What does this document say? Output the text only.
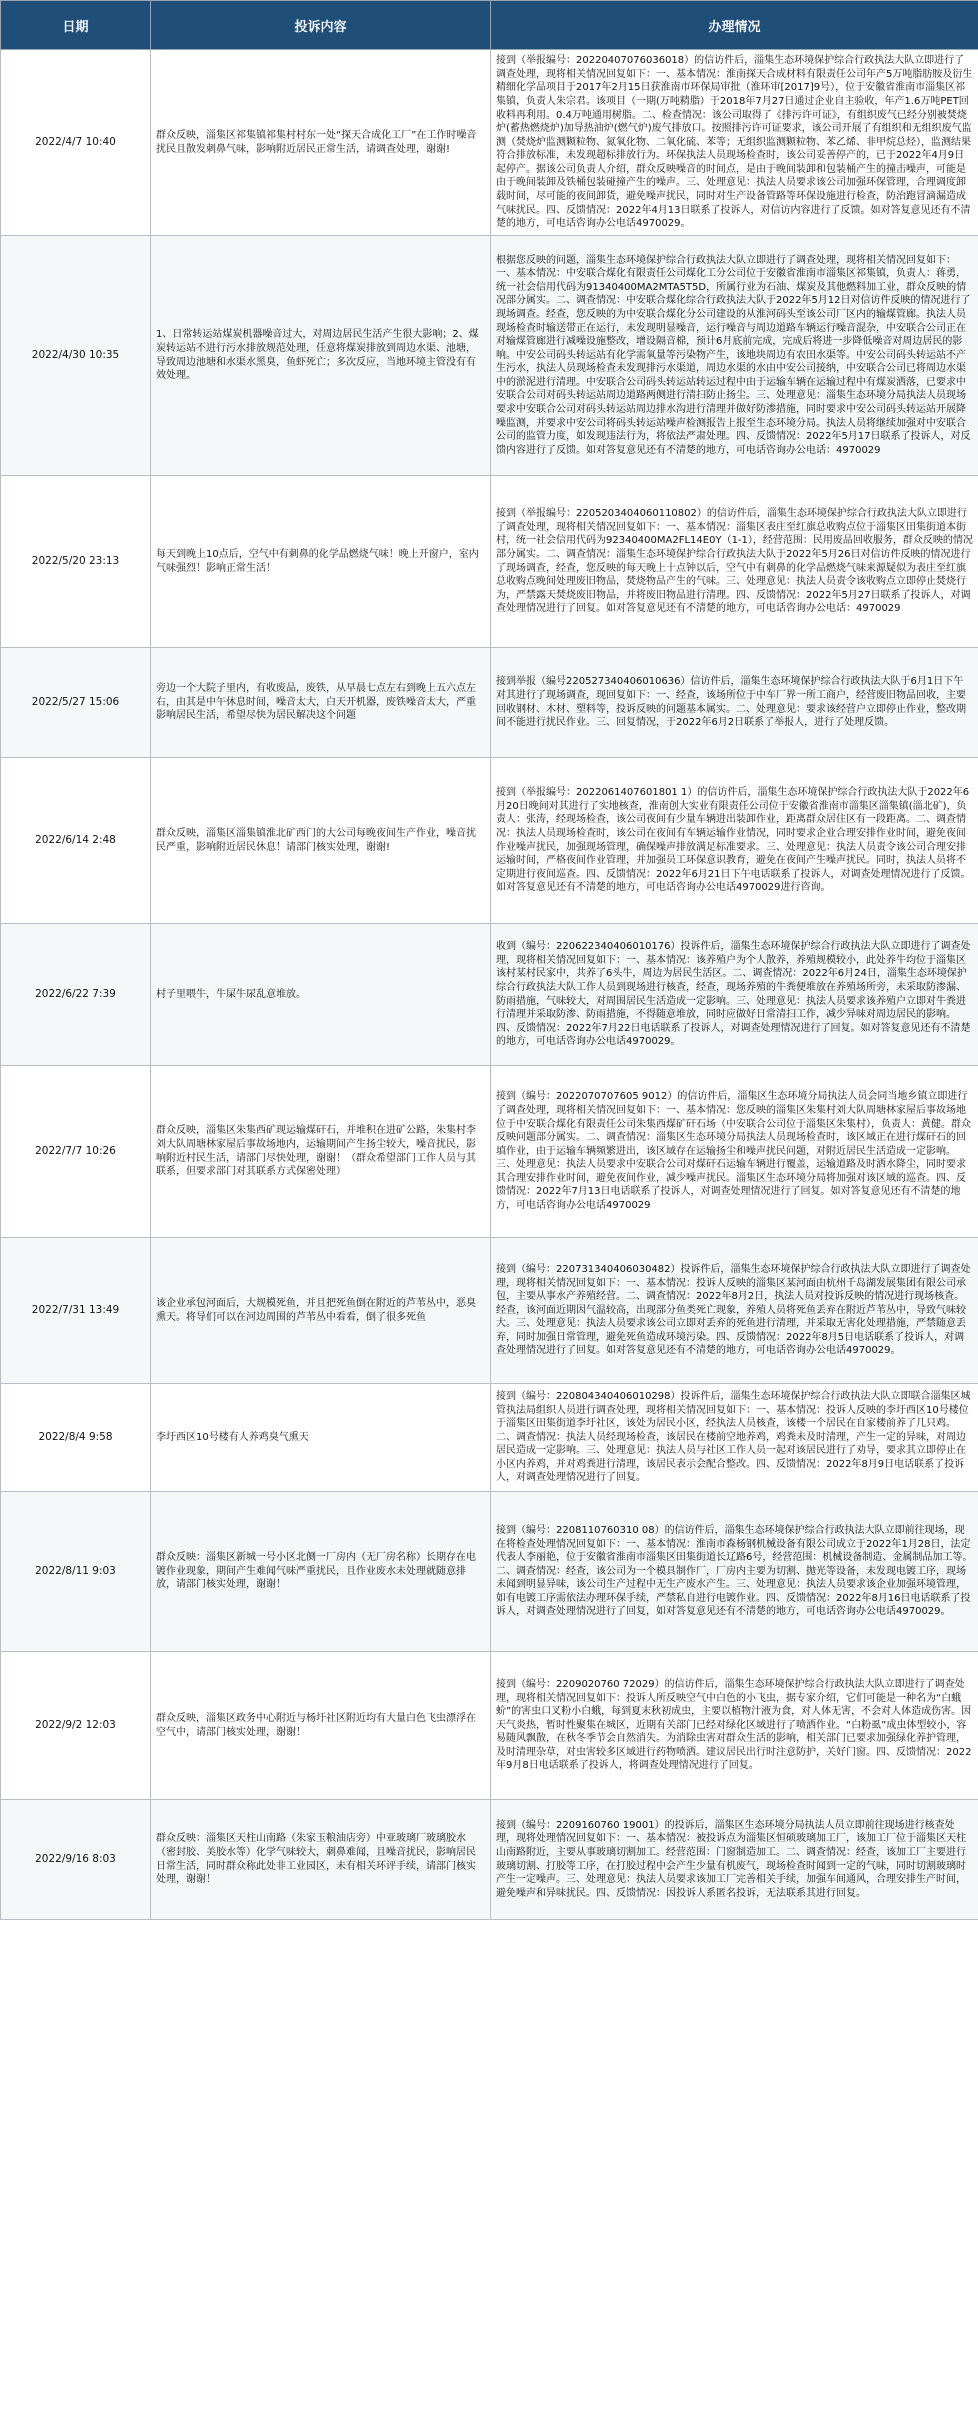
日期	投诉内容	办理情况
2022/4/7 10:40	群众反映，淄集区祁集镇祁集村村东一处“探天合成化工厂”在工作时噪音扰民且散发刺鼻气味，影响附近居民正常生活，请调查处理，谢谢!	接到（举报编号：20220407076036018）的信访件后，淄集生态环境保护综合行政执法大队立即进行了调查处理，现将相关情况回复如下：一、基本情况：淮南探天合成材料有限责任公司年产5万吨脂肪胺及衍生精细化学品项目于2017年2月15日获淮南市环保局审批（淮环审[2017]9号），位于安徽省淮南市淄集区祁集镇，负责人朱宗君。该项目（一期(万吨精脂）于2018年7月27日通过企业自主验收，年产1.6万吨PET回收料再利用。0.4万吨通用树脂。二、检查情况：该公司取得了《排污许可证》，有组织废气已经分别被焚烧炉(蓄热燃烧炉)加导热油炉(燃气炉)废气排放口。按照排污许可证要求，该公司开展了有组织和无组织废气监测（焚烧炉监测颗粒物、氮氧化物、二氧化硫、苯等；无组织监测颗粒物、苯乙烯、非甲烷总烃），监测结果符合排放标准，未发现超标排放行为。环保执法人员现场检查时，该公司妥善停产的，已于2022年4月9日起停产。据该公司负责人介绍，群众反映噪音的时间点，是由于晚间装卸和包装桶产生的撞击噪声，可能是由于晚间装卸及铁桶包装碰撞产生的噪声。三、处理意见：执法人员要求该公司加强环保管理，合理调度卸载时间，尽可能的夜间卸货，避免噪声扰民，同时对生产设备管路等环保设施进行检查，防治跑冒滴漏造成气味扰民。四、反馈情况：2022年4月13日联系了投诉人，对信访内容进行了反馈。如对答复意见还有不清楚的地方，可电话咨询办公电话4970029。
2022/4/30 10:35	1、日常转运站煤炭机器噪音过大，对周边居民生活产生很大影响；2、煤炭转运站不进行污水排放规范处理，任意将煤炭排放到周边水渠、池塘，导致周边池塘和水渠水黑臭，鱼虾死亡；多次反应，当地环境主管没有有效处理。	根据您反映的问题，淄集生态环境保护综合行政执法大队立即进行了调查处理，现将相关情况回复如下：一、基本情况：中安联合煤化有限责任公司煤化工分公司位于安徽省淮南市淄集区祁集镇，负责人：蒋勇，统一社会信用代码为91340400MA2MTA5T5D，所属行业为石油、煤炭及其他燃料加工业，群众反映的情况部分属实。二、调查情况：中安联合煤化综合行政执法大队于2022年5月12日对信访件反映的情况进行了现场调查。经查，您反映的为中安联合煤化分公司建设的从淮河码头至该公司厂区内的输煤管廊。执法人员现场检查时输送带正在运行，未发现明显噪音，运行噪音与周边道路车辆运行噪音混杂，中安联合公司正在对输煤管廊进行减噪设施整改，增设隔音棉，预计6月底前完成，完成后将进一步降低噪音对周边居民的影响。中安公司码头转运站有化学需氧量等污染物产生，该地块周边有农田水渠等。中安公司码头转运站不产生污水，执法人员现场检查未发现排污水渠道，周边水渠的水由中安公司接纳，中安联合公司已将周边水渠中的淤泥进行清理。中安联合公司码头转运站转运过程中由于运输车辆在运输过程中有煤炭洒落，已要求中安联合公司对码头转运站周边道路两侧进行清扫防止扬尘。三、处理意见：淄集生态环境分局执法人员现场要求中安联合公司对码头转运站周边排水沟进行清理并做好防渗措施，同时要求中安公司码头转运站开展降噪监测，并要求中安公司将码头转运站噪声检测报告上报至生态环境分局。执法人员将继续加强对中安联合公司的监管力度，如发现违法行为，将依法严肃处理。四、反馈情况：2022年5月17日联系了投诉人，对反馈内容进行了反馈。如对答复意见还有不清楚的地方，可电话咨询办公电话：4970029
2022/5/20 23:13	每天到晚上10点后，空气中有刺鼻的化学品燃烧气味！晚上开窗户，室内气味强烈！影响正常生活！	接到（举报编号：2205203404060110802）的信访件后，淄集生态环境保护综合行政执法大队立即进行了调查处理，现将相关情况回复如下：一、基本情况：淄集区表庄至红旗总收购点位于淄集区田集街道本街村，统一社会信用代码为92340400MA2FL14E0Y（1-1），经营范围：民用废品回收服务，群众反映的情况部分属实。二、调查情况：淄集生态环境保护综合行政执法大队于2022年5月26日对信访件反映的情况进行了现场调查，经查，您反映的每天晚上十点钟以后，空气中有刺鼻的化学品燃烧气味来源疑似为表庄至红旗总收购点晚间处理废旧物品，焚烧物品产生的气味。三、处理意见：执法人员责令该收购点立即停止焚烧行为，严禁露天焚烧废旧物品，并将废旧物品进行清理。四、反馈情况：2022年5月27日联系了投诉人，对调查处理情况进行了回复。如对答复意见还有不清楚的地方，可电话咨询办公电话：4970029
2022/5/27 15:06	旁边一个大院子里内，有收废品，废铁，从早晨七点左右到晚上五六点左右，由其是中午休息时间，噪音太大，白天开机器，废铁噪音太大，严重影响居民生活，希望尽快为居民解决这个问题	接到举报（编号220527340406010636）信访件后，淄集生态环境保护综合行政执法大队于6月1日下午对其进行了现场调查，现回复如下：一、经查，该场所位于中车厂界一所工商户，经营废旧物品回收，主要回收钢材、木材、塑料等，投诉反映的问题基本属实。二、处理意见：要求该经营户立即停止作业，整改期间不能进行扰民作业。三、回复情况，于2022年6月2日联系了举报人，进行了处理反馈。
2022/6/14 2:48	群众反映，淄集区淄集镇淮北矿西门的大公司每晚夜间生产作业，噪音扰民严重，影响附近居民休息！请部门核实处理，谢谢!	接到（举报编号：2022061407601801 1）的信访件后，淄集生态环境保护综合行政执法大队于2022年6月20日晚间对其进行了实地核查，淮南创大实业有限责任公司位于安徽省淮南市淄集区淄集镇(淄北矿)，负责人：张涛，经现场检查，该公司夜间有少量车辆进出装卸作业，距离群众居住区有一段距离。二、调查情况：执法人员现场检查时，该公司在夜间有车辆运输作业情况，同时要求企业合理安排作业时间，避免夜间作业噪声扰民，加强现场管理，确保噪声排放满足标准要求。三、处理意见：执法人员责令该公司合理安排运输时间，严格夜间作业管理，并加强员工环保意识教育，避免在夜间产生噪声扰民。同时，执法人员将不定期进行夜间巡查。四、反馈情况：2022年6月21日下午电话联系了投诉人，对调查处理情况进行了反馈。如对答复意见还有不清楚的地方，可电话咨询办公电话4970029进行咨询。
2022/6/22 7:39	村子里喂牛，牛屎牛尿乱意堆放。	收到（编号：220622340406010176）投诉件后，淄集生态环境保护综合行政执法大队立即进行了调查处理，现将相关情况回复如下：一、基本情况：该养殖户为个人散养，养殖规模较小，此处养牛均位于淄集区该村某村民家中，共养了6头牛，周边为居民生活区。二、调查情况：2022年6月24日，淄集生态环境保护综合行政执法大队工作人员到现场进行核查，经查，现场养殖的牛粪便堆放在养殖场所旁，未采取防渗漏、防雨措施，气味较大，对周围居民生活造成一定影响。三、处理意见：执法人员要求该养殖户立即对牛粪进行清理并采取防渗、防雨措施，不得随意堆放，同时应做好日常清扫工作，减少异味对周边居民的影响。四、反馈情况：2022年7月22日电话联系了投诉人，对调查处理情况进行了回复。如对答复意见还有不清楚的地方，可电话咨询办公电话4970029。
2022/7/7 10:26	群众反映，淄集区朱集西矿现运输煤矸石，并堆积在进矿公路，朱集村李刘大队周塘林家屋后事故场地内，运输期间产生扬尘较大，噪音扰民，影响附近村民生活，请部门尽快处理，谢谢！（群众希望部门工作人员与其联系，但要求部门对其联系方式保密处理）	接到（编号：2022070707605 9012）的信访件后，淄集区生态环境分局执法人员会同当地乡镇立即进行了调查处理，现将相关情况回复如下：一、基本情况：您反映的淄集区朱集村刘大队周塘林家屋后事故场地位于中安联合煤化有限责任公司朱集西煤矿矸石场（中安联合公司位于淄集区朱集村），负责人：黄健。群众反映问题部分属实。二、调查情况：淄集区生态环境分局执法人员现场检查时，该区域正在进行煤矸石的回填作业，由于运输车辆频繁进出，该区域存在运输扬尘和噪声扰民问题，对附近居民生活造成一定影响。三、处理意见：执法人员要求中安联合公司对煤矸石运输车辆进行覆盖，运输道路及时洒水降尘，同时要求其合理安排作业时间，避免夜间作业，减少噪声扰民。淄集区生态环境分局将加强对该区域的巡查。四、反馈情况：2022年7月13日电话联系了投诉人，对调查处理情况进行了回复。如对答复意见还有不清楚的地方，可电话咨询办公电话4970029
2022/7/31 13:49	该企业承包河面后，大规模死鱼，并且把死鱼倒在附近的芦苇丛中，恶臭熏天。将导们可以在河边周围的芦苇丛中看看，倒了很多死鱼	接到（编号：220731340406030482）投诉件后，淄集生态环境保护综合行政执法大队立即进行了调查处理，现将相关情况回复如下：一、基本情况：投诉人反映的淄集区某河面由杭州千岛湖发展集团有限公司承包，主要从事水产养殖经营。二、调查情况：2022年8月2日，执法人员对投诉反映的情况进行现场核查。经查，该河面近期因气温较高，出现部分鱼类死亡现象，养殖人员将死鱼丢弃在附近芦苇丛中，导致气味较大。三、处理意见：执法人员要求该公司立即对丢弃的死鱼进行清理，并采取无害化处理措施，严禁随意丢弃，同时加强日常管理，避免死鱼造成环境污染。四、反馈情况：2022年8月5日电话联系了投诉人，对调查处理情况进行了回复。如对答复意见还有不清楚的地方，可电话咨询办公电话4970029。
2022/8/4 9:58	李圩西区10号楼有人养鸡臭气熏天	接到（编号：220804340406010298）投诉件后，淄集生态环境保护综合行政执法大队立即联合淄集区城管执法局组织人员进行调查处理，现将相关情况回复如下：一、基本情况：投诉人反映的李圩西区10号楼位于淄集区田集街道李圩社区，该处为居民小区，经执法人员核查，该楼一个居民在自家楼前养了几只鸡。二、调查情况：执法人员经现场检查，该居民在楼前空地养鸡，鸡粪未及时清理，产生一定的异味，对周边居民造成一定影响。三、处理意见：执法人员与社区工作人员一起对该居民进行了劝导，要求其立即停止在小区内养鸡，并对鸡粪进行清理，该居民表示会配合整改。四、反馈情况：2022年8月9日电话联系了投诉人，对调查处理情况进行了回复。
2022/8/11 9:03	群众反映：淄集区新城一号小区北侧一厂房内（无厂房名称）长期存在电镀作业现象，期间产生难闻气味严重扰民，且作业废水未处理就随意排放，请部门核实处理，谢谢！	接到（编号：2208110760310 08）的信访件后，淄集生态环境保护综合行政执法大队立即前往现场，现在将检查处理情况回复如下：一、基本情况：淮南市森杨钢机械设备有限公司成立于2022年1月28日，法定代表人李丽艳，位于安徽省淮南市淄集区田集街道长辽路6号，经营范围：机械设备制造、金属制品加工等。二、调查情况：经查，该公司为一个模具制作厂，厂房内主要为切割、抛光等设备，未发现电镀工序，现场未闻到明显异味，该公司生产过程中无生产废水产生。三、处理意见：执法人员要求该企业加强环境管理，如有电镀工序需依法办理环保手续，严禁私自进行电镀作业。四、反馈情况：2022年8月16日电话联系了投诉人，对调查处理情况进行了回复，如对答复意见还有不清楚的地方，可电话咨询办公电话4970029。
2022/9/2 12:03	群众反映，淄集区政务中心附近与杨圩社区附近均有大量白色飞虫漂浮在空气中，请部门核实处理，谢谢！	接到（编号：2209020760 72029）的信访件后，淄集生态环境保护综合行政执法大队立即进行了调查处理，现将相关情况回复如下：投诉人所反映空气中白色的小飞虫，据专家介绍，它们可能是一种名为“白蛾蚧”的害虫口叉粉小白蛾，每到夏末秋初成虫，主要以植物汁液为食，对人体无害，不会对人体造成伤害。因天气炎热，暂时性聚集在城区，近期有关部门已经对绿化区域进行了喷洒作业。“白粉虱”成虫体型较小，容易随风飘散，在秋冬季节会自然消失。为消除虫害对群众生活的影响，相关部门已要求加强绿化养护管理，及时清理杂草，对虫害较多区域进行药物喷洒。建议居民出行时注意防护，关好门窗。四、反馈情况：2022年9月8日电话联系了投诉人，将调查处理情况进行了回复。
2022/9/16 8:03	群众反映：淄集区天柱山南路（朱家玉粮油店旁）中亚玻璃厂玻璃胶水（密封胶、美胶水等）化学气味较大，刺鼻难闻，且噪音扰民，影响居民日常生活，同时群众称此处非工业园区，未有相关环评手续，请部门核实处理，谢谢！	接到（编号：2209160760 19001）的投诉后，淄集区生态环境分局执法人员立即前往现场进行核查处理，现将处理情况回复如下：一、基本情况：被投诉点为淄集区恒硕玻璃加工厂，该加工厂位于淄集区天柱山南路附近，主要从事玻璃切割加工。经营范围：门窗制造加工。二、调查情况：经查，该加工厂主要进行玻璃切割、打胶等工序，在打胶过程中会产生少量有机废气，现场检查时闻到一定的气味，同时切割玻璃时产生一定噪声。三、处理意见：执法人员要求该加工厂完善相关手续，加强车间通风，合理安排生产时间，避免噪声和异味扰民。四、反馈情况：因投诉人系匿名投诉，无法联系其进行回复。
